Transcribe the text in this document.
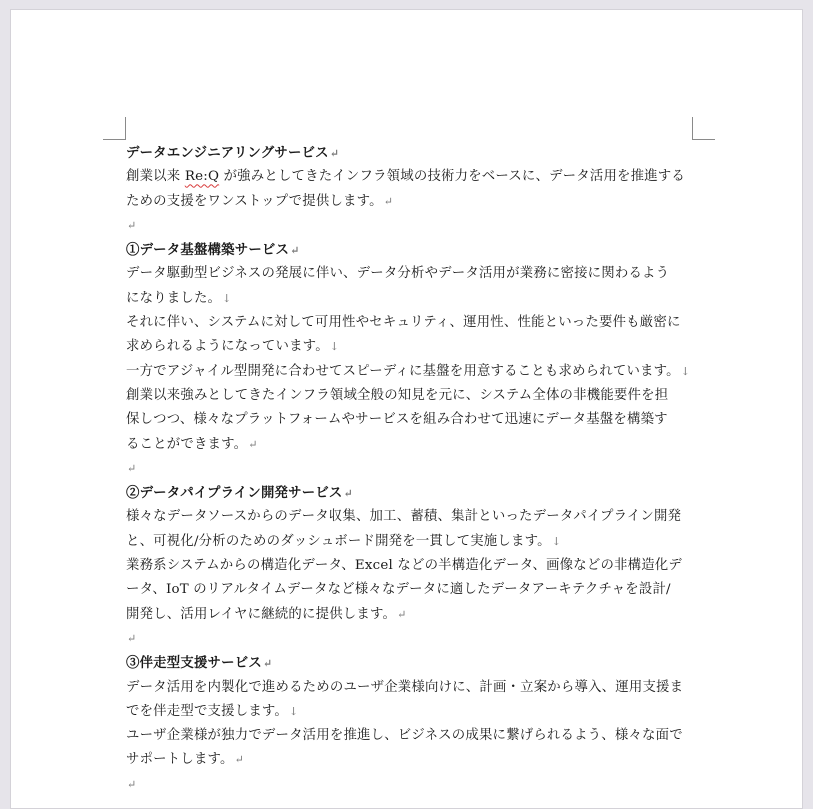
データエンジニアリングサービス↵
創業以来 Re:Q が強みとしてきたインフラ領域の技術力をベースに、データ活用を推進する
ための支援をワンストップで提供します。↵
↵
①データ基盤構築サービス↵
データ駆動型ビジネスの発展に伴い、データ分析やデータ活用が業務に密接に関わるよう
になりました。↓
それに伴い、システムに対して可用性やセキュリティ、運用性、性能といった要件も厳密に
求められるようになっています。↓
一方でアジャイル型開発に合わせてスピーディに基盤を用意することも求められています。↓
創業以来強みとしてきたインフラ領域全般の知見を元に、システム全体の非機能要件を担
保しつつ、様々なプラットフォームやサービスを組み合わせて迅速にデータ基盤を構築す
ることができます。↵
↵
②データパイプライン開発サービス↵
様々なデータソースからのデータ収集、加工、蓄積、集計といったデータパイプライン開発
と、可視化/分析のためのダッシュボード開発を一貫して実施します。↓
業務系システムからの構造化データ、Excel などの半構造化データ、画像などの非構造化デ
ータ、IoT のリアルタイムデータなど様々なデータに適したデータアーキテクチャを設計/
開発し、活用レイヤに継続的に提供します。↵
↵
③伴走型支援サービス↵
データ活用を内製化で進めるためのユーザ企業様向けに、計画・立案から導入、運用支援ま
でを伴走型で支援します。↓
ユーザ企業様が独力でデータ活用を推進し、ビジネスの成果に繋げられるよう、様々な面で
サポートします。↵
↵
